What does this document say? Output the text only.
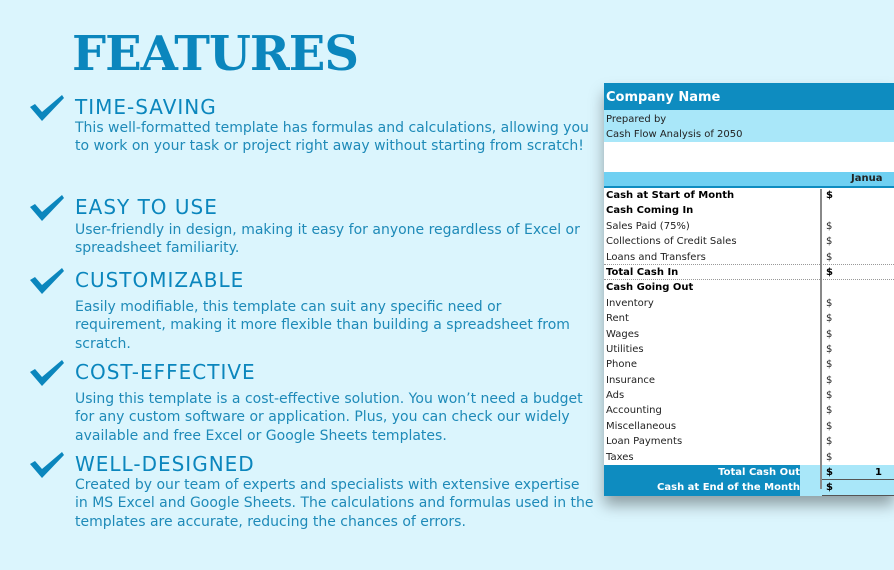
FEATURES
TIME-SAVING
This well-formatted template has formulas and calculations, allowing you to work on your task or project right away without starting from scratch!
EASY TO USE
User-friendly in design, making it easy for anyone regardless of Excel or spreadsheet familiarity.
CUSTOMIZABLE
Easily modifiable, this template can suit any specific need or requirement, making it more flexible than building a spreadsheet from scratch.
COST-EFFECTIVE
Using this template is a cost-effective solution. You won’t need a budget for any custom software or application. Plus, you can check our widely available and free Excel or Google Sheets templates.
WELL-DESIGNED
Created by our team of experts and specialists with extensive expertise in MS Excel and Google Sheets. The calculations and formulas used in the templates are accurate, reducing the chances of errors.
Company Name
Prepared by
Cash Flow Analysis of 2050
Janua
Cash at Start of Month	$
Cash Coming In
Sales Paid (75%)	$
Collections of Credit Sales	$
Loans and Transfers	$
Total Cash In	$
Cash Going Out
Inventory	$
Rent	$
Wages	$
Utilities	$
Phone	$
Insurance	$
Ads	$
Accounting	$
Miscellaneous	$
Loan Payments	$
Taxes	$
Total Cash Out	$	1
Cash at End of the Month	$
